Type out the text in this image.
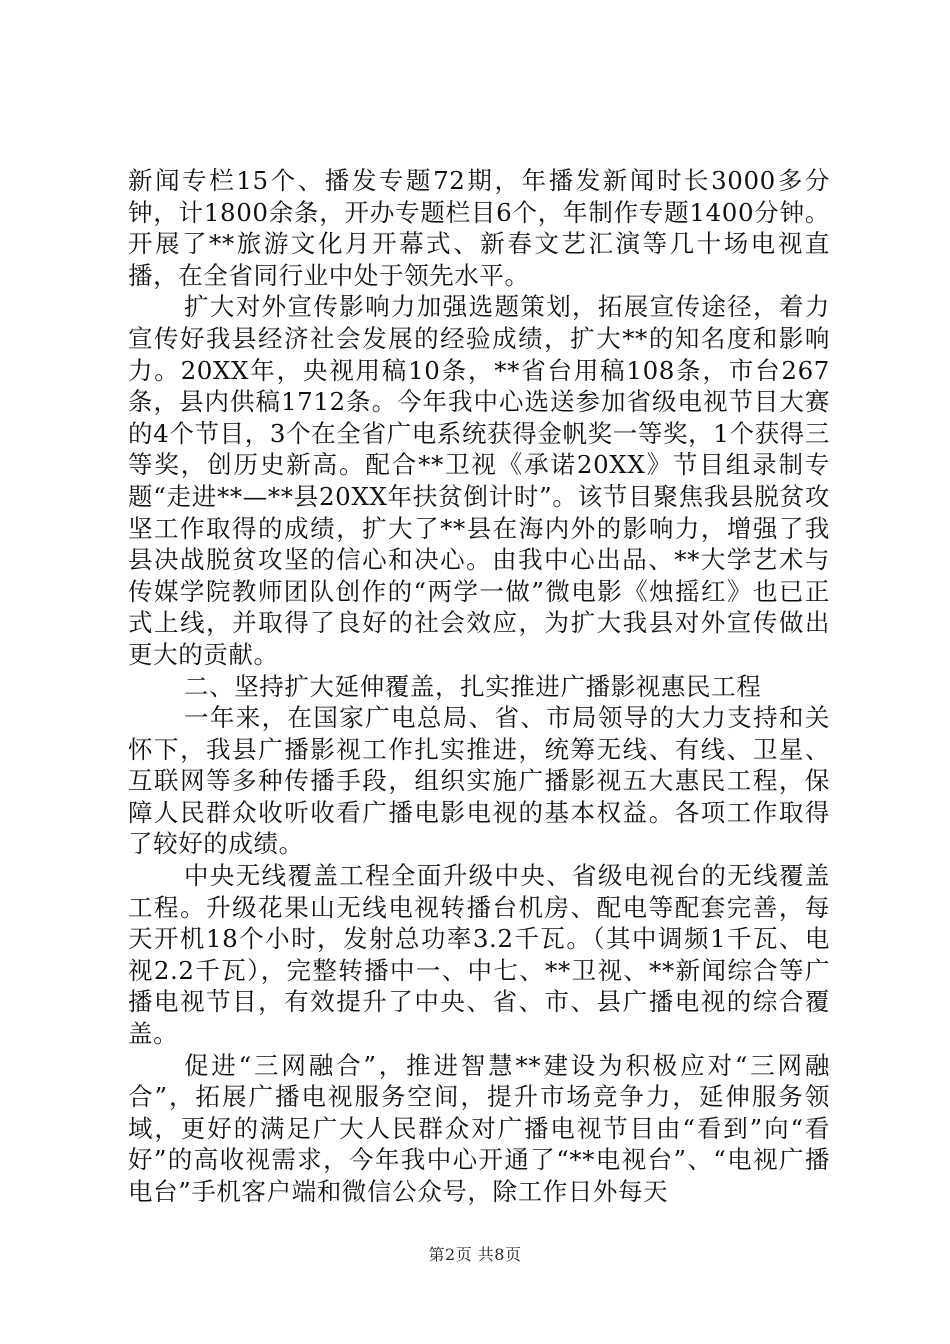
新闻专栏15个、播发专题72期，年播发新闻时长3000多分钟，计1800余条，开办专题栏目6个，年制作专题1400分钟。开展了**旅游文化月开幕式、新春文艺汇演等几十场电视直播，在全省同行业中处于领先水平。

扩大对外宣传影响力加强选题策划，拓展宣传途径，着力宣传好我县经济社会发展的经验成绩，扩大**的知名度和影响力。20XX年，央视用稿10条，**省台用稿108条，市台267条，县内供稿1712条。今年我中心选送参加省级电视节目大赛的4个节目，3个在全省广电系统获得金帆奖一等奖，1个获得三等奖，创历史新高。配合**卫视《承诺20XX》节目组录制专题“走进**—**县20XX年扶贫倒计时”。该节目聚焦我县脱贫攻坚工作取得的成绩，扩大了**县在海内外的影响力，增强了我县决战脱贫攻坚的信心和决心。由我中心出品、**大学艺术与传媒学院教师团队创作的“两学一做”微电影《烛摇红》也已正式上线，并取得了良好的社会效应，为扩大我县对外宣传做出更大的贡献。

二、坚持扩大延伸覆盖，扎实推进广播影视惠民工程

一年来，在国家广电总局、省、市局领导的大力支持和关怀下，我县广播影视工作扎实推进，统筹无线、有线、卫星、互联网等多种传播手段，组织实施广播影视五大惠民工程，保障人民群众收听收看广播电影电视的基本权益。各项工作取得了较好的成绩。

中央无线覆盖工程全面升级中央、省级电视台的无线覆盖工程。升级花果山无线电视转播台机房、配电等配套完善，每天开机18个小时，发射总功率3.2千瓦。（其中调频1千瓦、电视2.2千瓦），完整转播中一、中七、**卫视、**新闻综合等广播电视节目，有效提升了中央、省、市、县广播电视的综合覆盖。

促进“三网融合”，推进智慧**建设为积极应对“三网融合”，拓展广播电视服务空间，提升市场竞争力，延伸服务领域，更好的满足广大人民群众对广播电视节目由“看到”向“看好”的高收视需求，今年我中心开通了“**电视台”、“电视广播电台”手机客户端和微信公众号，除工作日外每天

第2页 共8页
